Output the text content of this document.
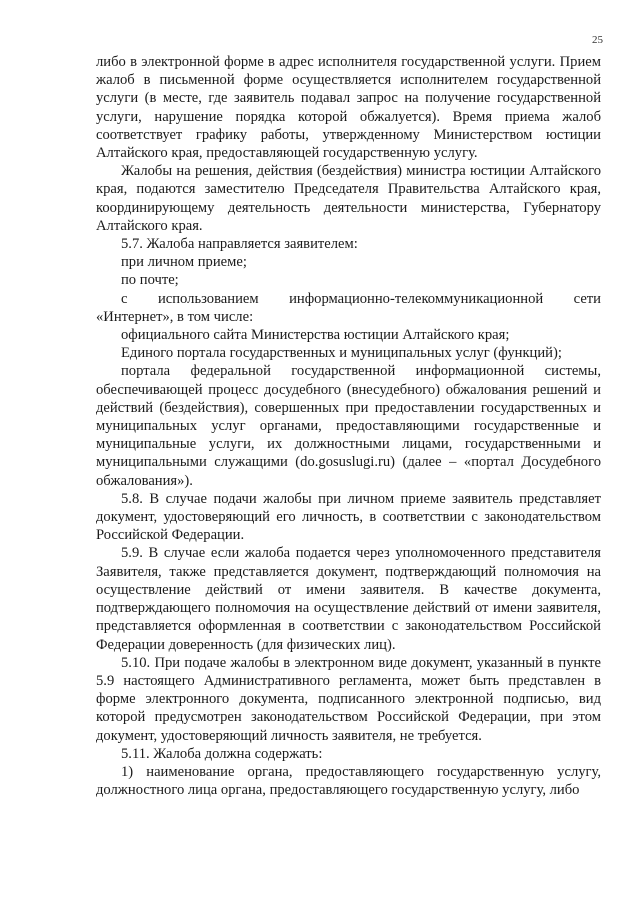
25

либо в электронной форме в адрес исполнителя государственной услуги. Прием жалоб в письменной форме осуществляется исполнителем государственной услуги (в месте, где заявитель подавал запрос на получение государственной услуги, нарушение порядка которой обжалуется). Время приема жалоб соответствует графику работы, утвержденному Министерством юстиции Алтайского края, предоставляющей государственную услугу.

Жалобы на решения, действия (бездействия) министра юстиции Алтайского края, подаются заместителю Председателя Правительства Алтайского края, координирующему деятельность деятельности министерства, Губернатору Алтайского края.

5.7. Жалоба направляется заявителем:

при личном приеме;

по почте;

с использованием информационно-телекоммуникационной сети «Интернет», в том числе:

официального сайта Министерства юстиции Алтайского края;

Единого портала государственных и муниципальных услуг (функций);

портала федеральной государственной информационной системы, обеспечивающей процесс досудебного (внесудебного) обжалования решений и действий (бездействия), совершенных при предоставлении государственных и муниципальных услуг органами, предоставляющими государственные и муниципальные услуги, их должностными лицами, государственными и муниципальными служащими (do.gosuslugi.ru) (далее – «портал Досудебного обжалования»).

5.8. В случае подачи жалобы при личном приеме заявитель представляет документ, удостоверяющий его личность, в соответствии с законодательством Российской Федерации.

5.9. В случае если жалоба подается через уполномоченного представителя Заявителя, также представляется документ, подтверждающий полномочия на осуществление действий от имени заявителя. В качестве документа, подтверждающего полномочия на осуществление действий от имени заявителя, представляется оформленная в соответствии с законодательством Российской Федерации доверенность (для физических лиц).

5.10. При подаче жалобы в электронном виде документ, указанный в пункте 5.9 настоящего Административного регламента, может быть представлен в форме электронного документа, подписанного электронной подписью, вид которой предусмотрен законодательством Российской Федерации, при этом документ, удостоверяющий личность заявителя, не требуется.

5.11. Жалоба должна содержать:

1) наименование органа, предоставляющего государственную услугу, должностного лица органа, предоставляющего государственную услугу, либо
